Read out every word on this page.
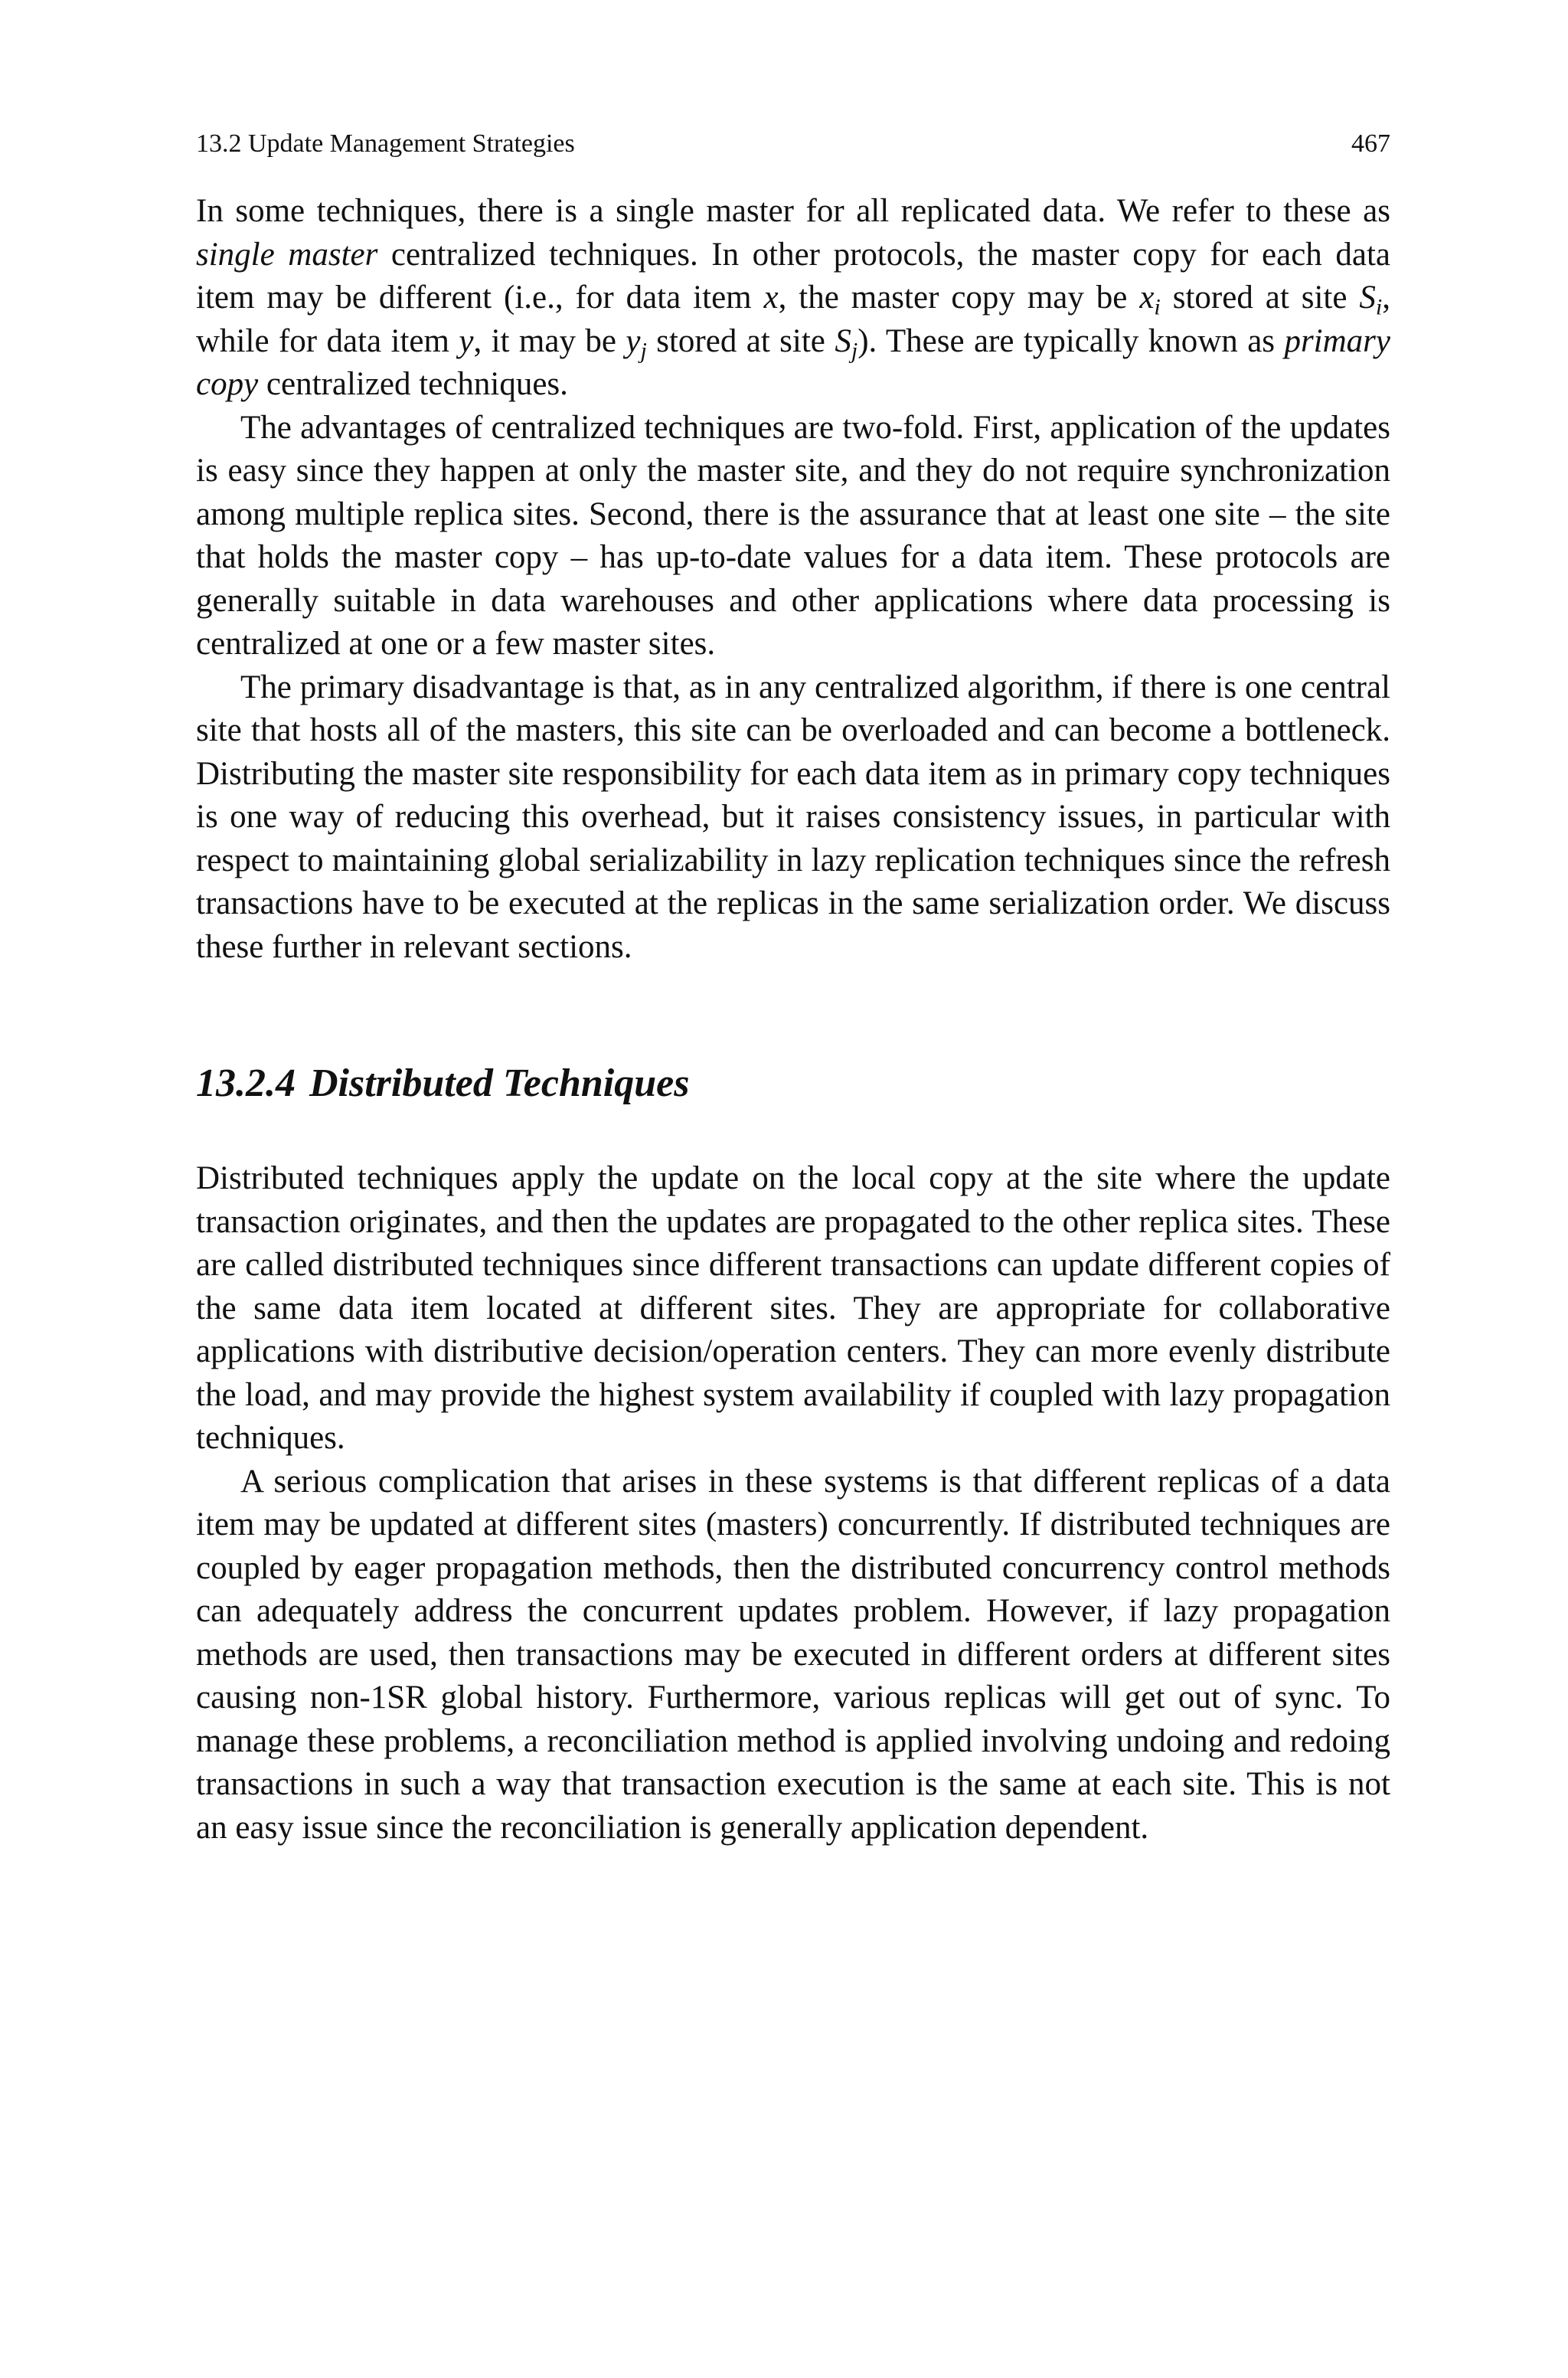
13.2 Update Management Strategies	467

In some techniques, there is a single master for all replicated data. We refer to these as single master centralized techniques. In other protocols, the master copy for each data item may be different (i.e., for data item x, the master copy may be $x_i$ stored at site $S_i$, while for data item y, it may be $y_j$ stored at site $S_j$). These are typically known as primary copy centralized techniques.

The advantages of centralized techniques are two-fold. First, application of the updates is easy since they happen at only the master site, and they do not require synchronization among multiple replica sites. Second, there is the assurance that at least one site – the site that holds the master copy – has up-to-date values for a data item. These protocols are generally suitable in data warehouses and other applications where data processing is centralized at one or a few master sites.

The primary disadvantage is that, as in any centralized algorithm, if there is one central site that hosts all of the masters, this site can be overloaded and can become a bottleneck. Distributing the master site responsibility for each data item as in primary copy techniques is one way of reducing this overhead, but it raises consistency issues, in particular with respect to maintaining global serializability in lazy replication techniques since the refresh transactions have to be executed at the replicas in the same serialization order. We discuss these further in relevant sections.

13.2.4 Distributed Techniques

Distributed techniques apply the update on the local copy at the site where the update transaction originates, and then the updates are propagated to the other replica sites. These are called distributed techniques since different transactions can update different copies of the same data item located at different sites. They are appropriate for collaborative applications with distributive decision/operation centers. They can more evenly distribute the load, and may provide the highest system availability if coupled with lazy propagation techniques.

A serious complication that arises in these systems is that different replicas of a data item may be updated at different sites (masters) concurrently. If distributed techniques are coupled by eager propagation methods, then the distributed concurrency control methods can adequately address the concurrent updates problem. However, if lazy propagation methods are used, then transactions may be executed in different orders at different sites causing non-1SR global history. Furthermore, various replicas will get out of sync. To manage these problems, a reconciliation method is applied involving undoing and redoing transactions in such a way that transaction execution is the same at each site. This is not an easy issue since the reconciliation is generally application dependent.
